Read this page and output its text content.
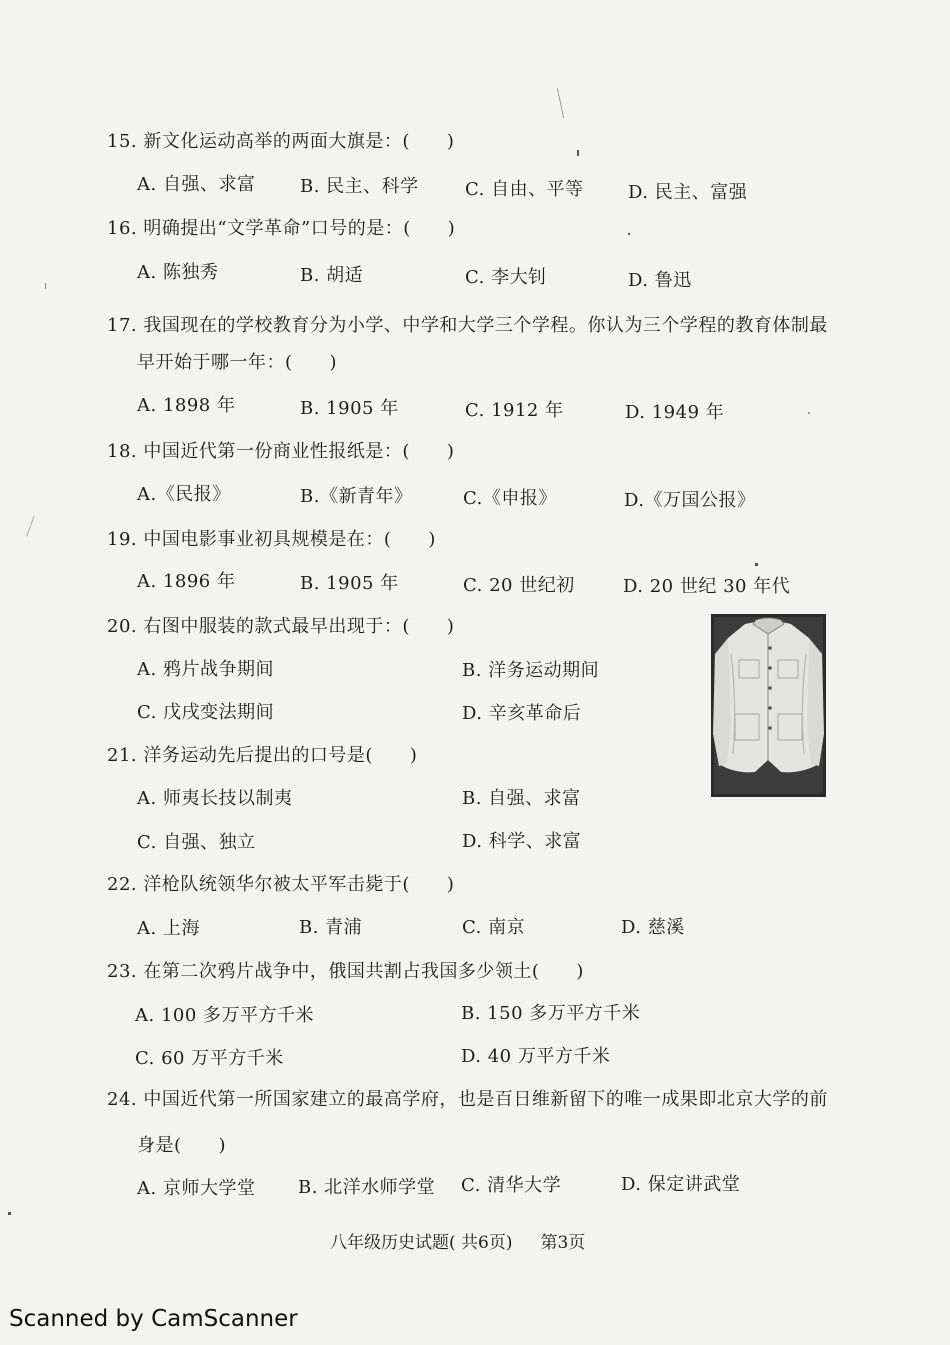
15. 新文化运动高举的两面大旗是：(　　)
A. 自强、求富 B. 民主、科学	C. 自由、平等 D. 民主、富强
16. 明确提出“文学革命”口号的是：(　　)
A. 陈独秀	B. 胡适	C. 李大钊	D. 鲁迅
17. 我国现在的学校教育分为小学、中学和大学三个学程。你认为三个学程的教育体制最
早开始于哪一年：(　　)
A. 1898 年	B. 1905 年	C. 1912 年	D. 1949 年
18. 中国近代第一份商业性报纸是：(　　)
A.《民报》	B.《新青年》	C.《申报》	D.《万国公报》
19. 中国电影事业初具规模是在：(　　)
A. 1896 年	B. 1905 年	C. 20 世纪初	D. 20 世纪 30 年代
20. 右图中服装的款式最早出现于：(　　)
A. 鸦片战争期间	B. 洋务运动期间
C. 戊戌变法期间	D. 辛亥革命后
21. 洋务运动先后提出的口号是(　　)
A. 师夷长技以制夷	B. 自强、求富
C. 自强、独立	D. 科学、求富
22. 洋枪队统领华尔被太平军击毙于(　　)
A. 上海	B. 青浦	C. 南京	D. 慈溪
23. 在第二次鸦片战争中，俄国共割占我国多少领土(　　)
A. 100 多万平方千米	B. 150 多万平方千米
C. 60 万平方千米	D. 40 万平方千米
24. 中国近代第一所国家建立的最高学府，也是百日维新留下的唯一成果即北京大学的前
身是(　　)
A. 京师大学堂 B. 北洋水师学堂 C. 清华大学	D. 保定讲武堂
八年级历史试题( 共6页) 第3页
Scanned by CamScanner
